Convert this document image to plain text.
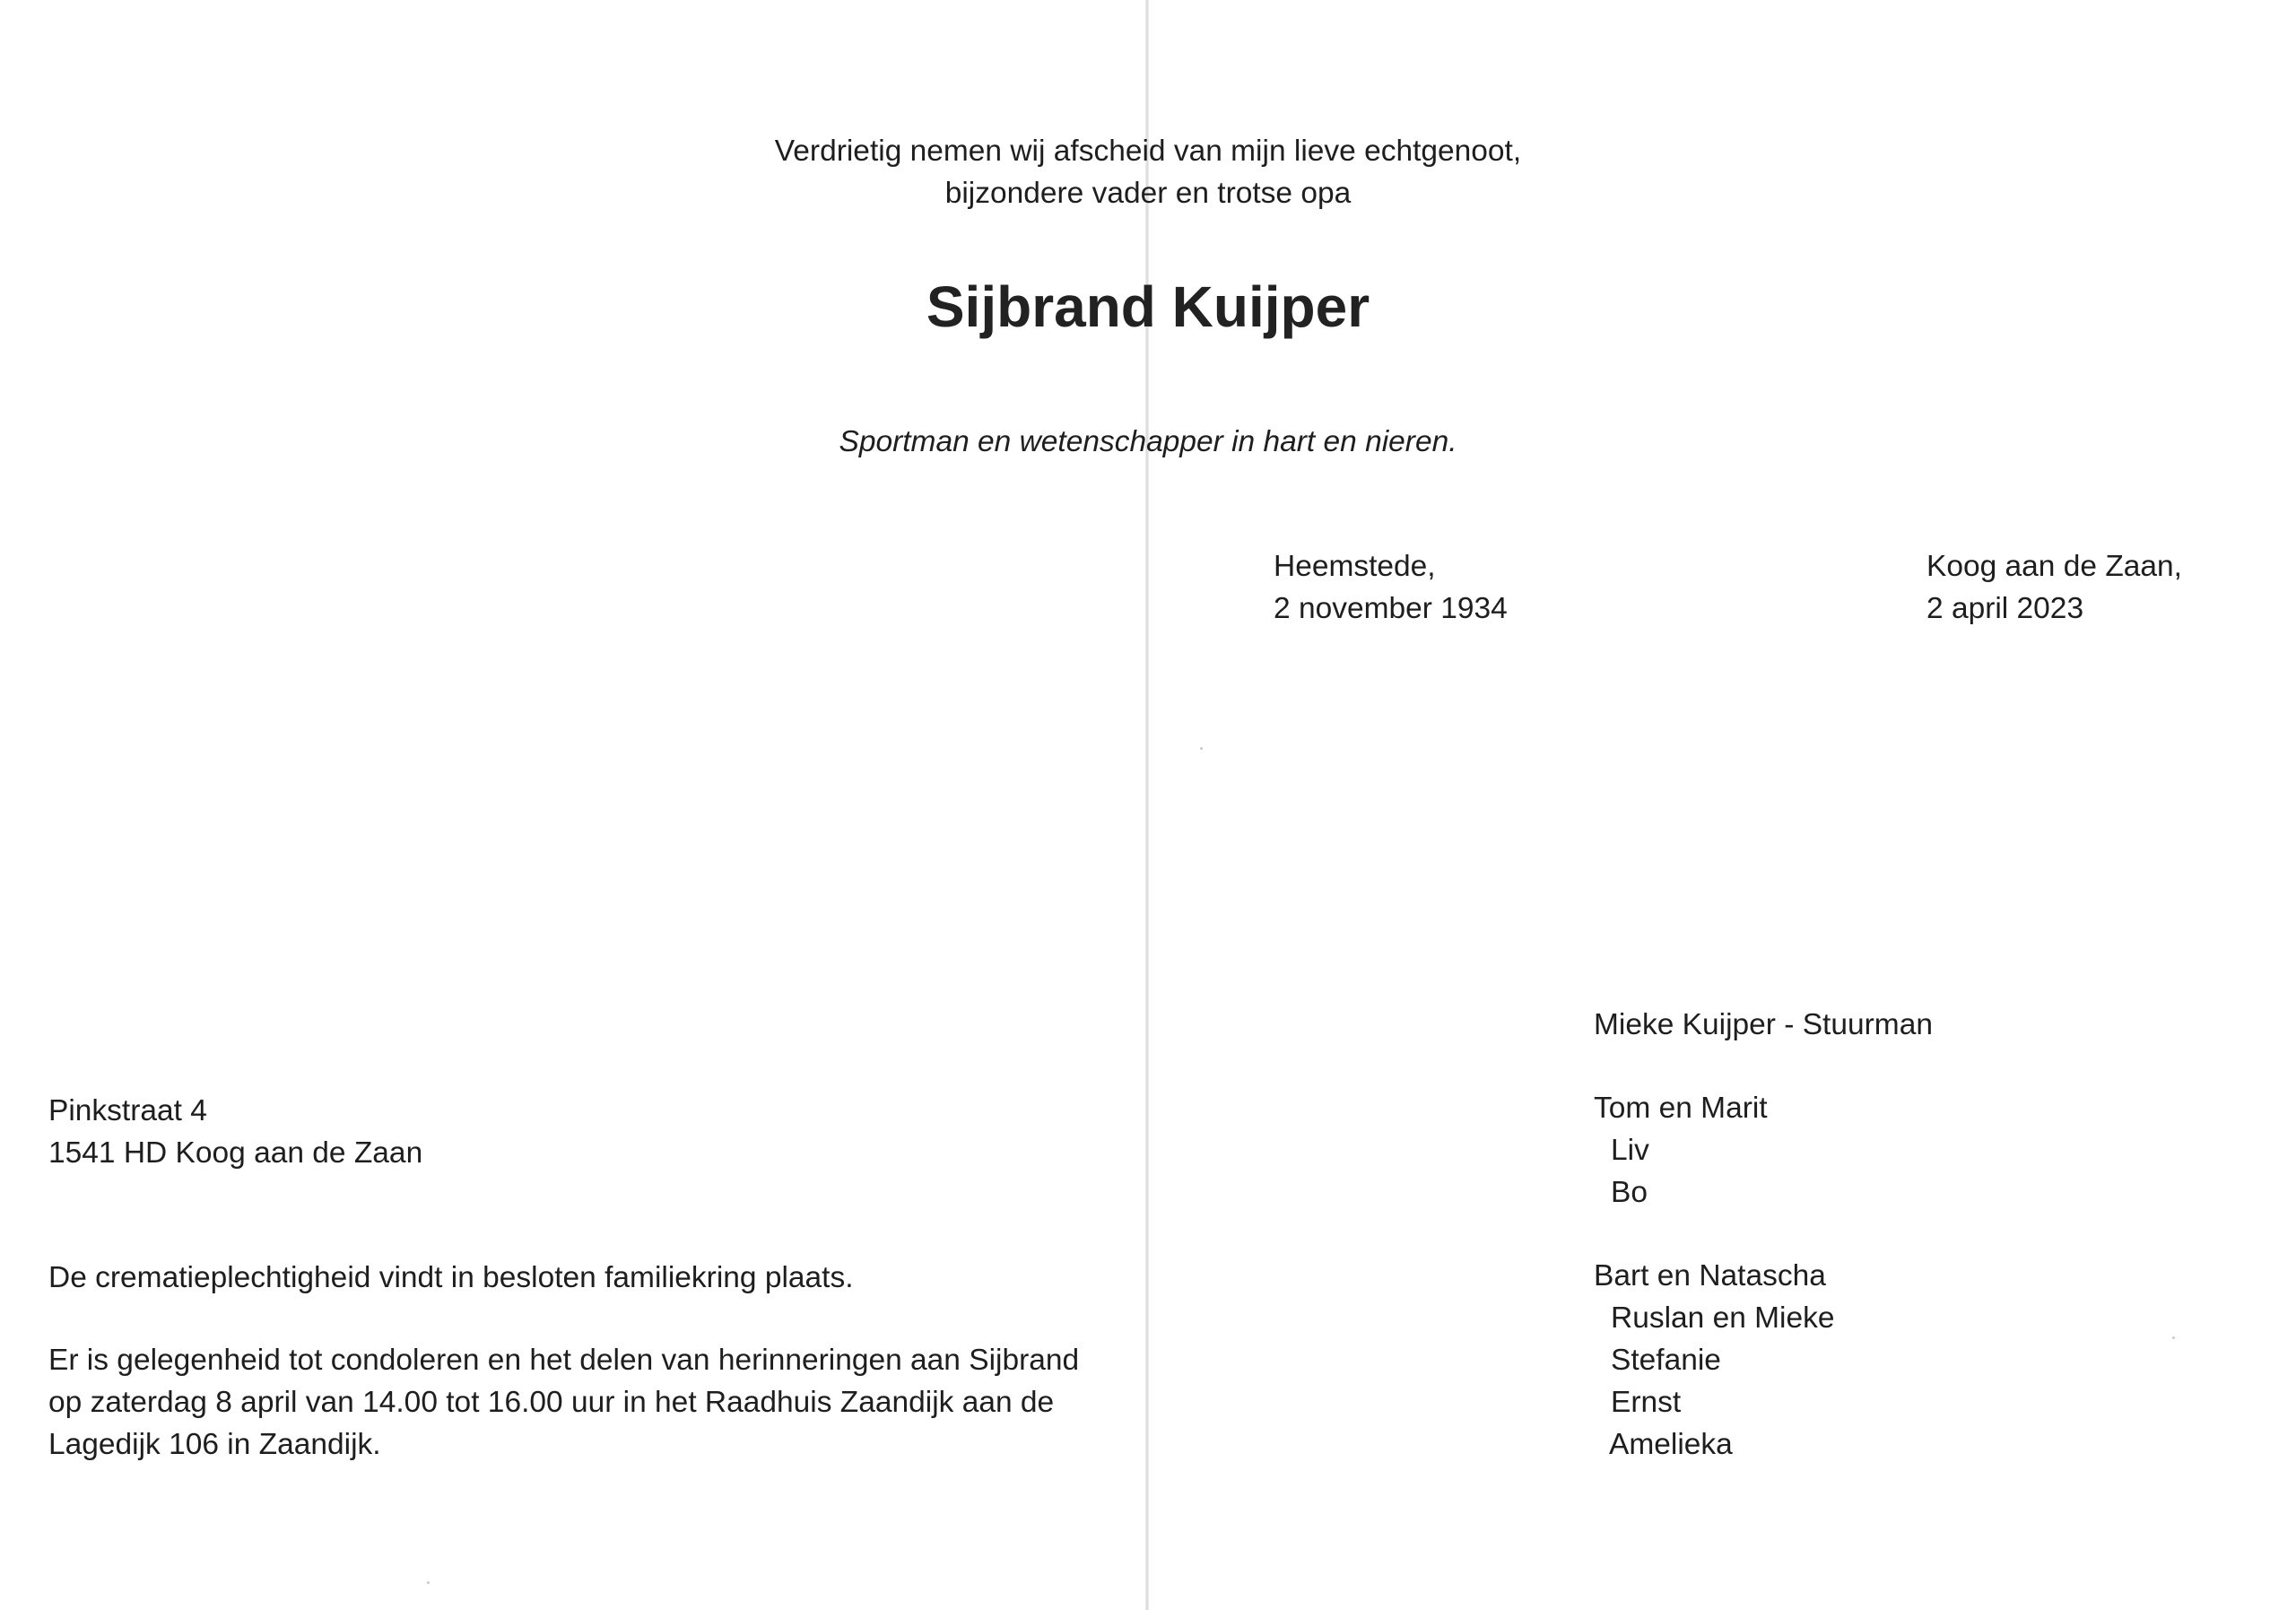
Verdrietig nemen wij afscheid van mijn lieve echtgenoot,

bijzondere vader en trotse opa

Sijbrand Kuijper

Sportman en wetenschapper in hart en nieren.

Heemstede,

2 november 1934

Koog aan de Zaan,

2 april 2023

Mieke Kuijper - Stuurman

Tom en Marit

Liv

Bo

Bart en Natascha

Ruslan en Mieke

Stefanie

Ernst

Amelieka

Pinkstraat 4

1541 HD Koog aan de Zaan

De crematieplechtigheid vindt in besloten familiekring plaats.

Er is gelegenheid tot condoleren en het delen van herinneringen aan Sijbrand

op zaterdag 8 april van 14.00 tot 16.00 uur in het Raadhuis Zaandijk aan de

Lagedijk 106 in Zaandijk.
